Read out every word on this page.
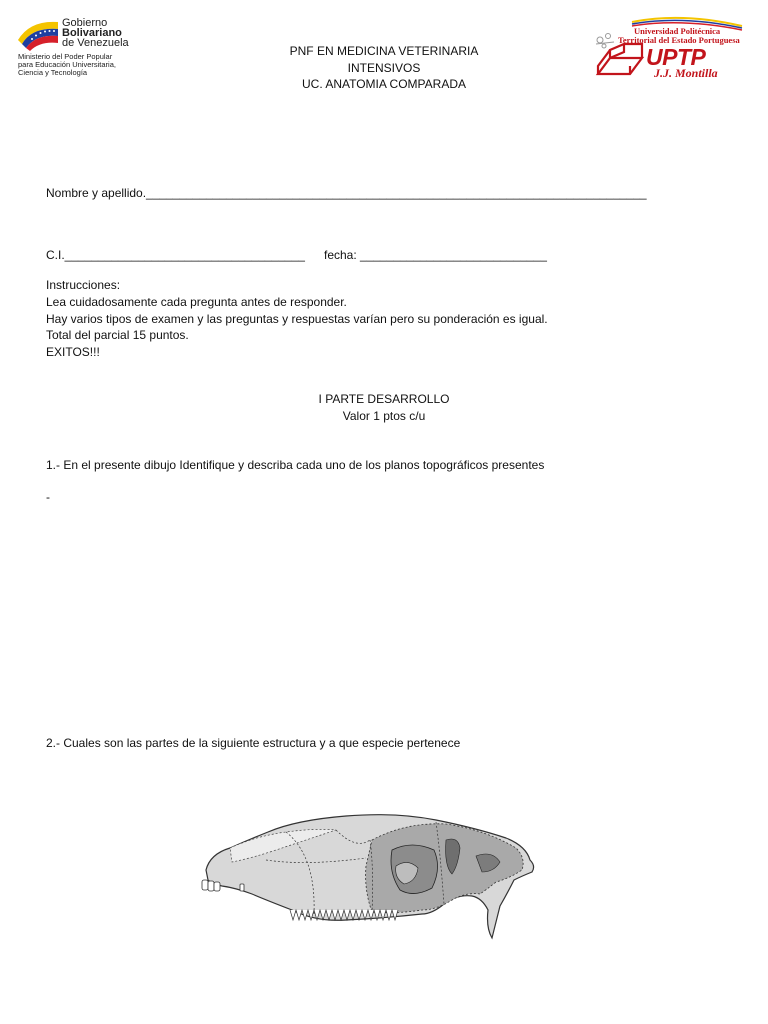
Gobierno
Bolivariano
de Venezuela
Ministerio del Poder Popular
para Educación Universitaria,
Ciencia y Tecnología
PNF EN MEDICINA VETERINARIA
INTENSIVOS
UC. ANATOMIA COMPARADA
Universidad Politécnica
Territorial del Estado Portuguesa
UPTP
J.J. Montilla
Nombre y apellido.___________________________________________________________________________
C.I.____________________________________ fecha: ____________________________
Instrucciones:
Lea cuidadosamente cada pregunta antes de responder.
Hay varios tipos de examen y las preguntas y respuestas varían pero su ponderación es igual.
Total del parcial 15 puntos.
EXITOS!!!
I PARTE DESARROLLO
Valor 1 ptos c/u
1.- En el presente dibujo Identifique y describa cada uno de los planos topográficos presentes
-
2.- Cuales son las partes de la siguiente estructura y a que especie pertenece
